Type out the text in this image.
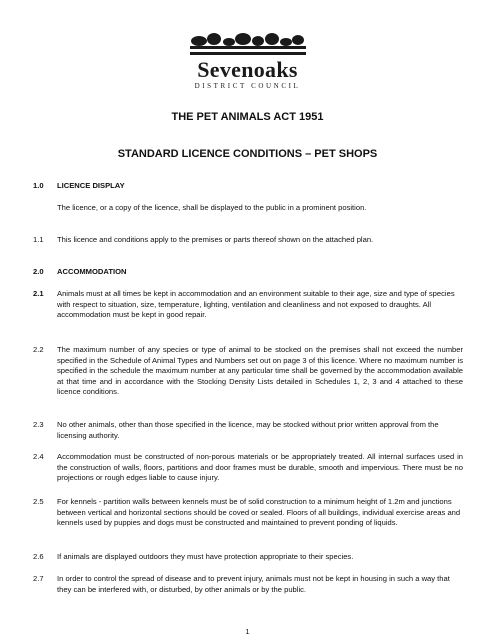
Sevenoaks
DISTRICT COUNCIL
THE PET ANIMALS ACT 1951
STANDARD LICENCE CONDITIONS – PET SHOPS
1.0	LICENCE DISPLAY
The licence, or a copy of the licence, shall be displayed to the public in a prominent position.
1.1	This licence and conditions apply to the premises or parts thereof shown on the attached plan.
2.0	ACCOMMODATION
2.1	Animals must at all times be kept in accommodation and an environment suitable to their age, size and type of species with respect to situation, size, temperature, lighting, ventilation and cleanliness and not exposed to draughts. All accommodation must be kept in good repair.
2.2	The maximum number of any species or type of animal to be stocked on the premises shall not exceed the number specified in the Schedule of Animal Types and Numbers set out on page 3 of this licence. Where no maximum number is specified in the schedule the maximum number at any particular time shall be governed by the accommodation available at that time and in accordance with the Stocking Density Lists detailed in Schedules 1, 2, 3 and 4 attached to these licence conditions.
2.3	No other animals, other than those specified in the licence, may be stocked without prior written approval from the licensing authority.
2.4	Accommodation must be constructed of non-porous materials or be appropriately treated. All internal surfaces used in the construction of walls, floors, partitions and door frames must be durable, smooth and impervious. There must be no projections or rough edges liable to cause injury.
2.5	For kennels - partition walls between kennels must be of solid construction to a minimum height of 1.2m and junctions between vertical and horizontal sections should be coved or sealed. Floors of all buildings, individual exercise areas and kennels used by puppies and dogs must be constructed and maintained to prevent ponding of liquids.
2.6	If animals are displayed outdoors they must have protection appropriate to their species.
2.7	In order to control the spread of disease and to prevent injury, animals must not be kept in housing in such a way that they can be interfered with, or disturbed, by other animals or by the public.
1
